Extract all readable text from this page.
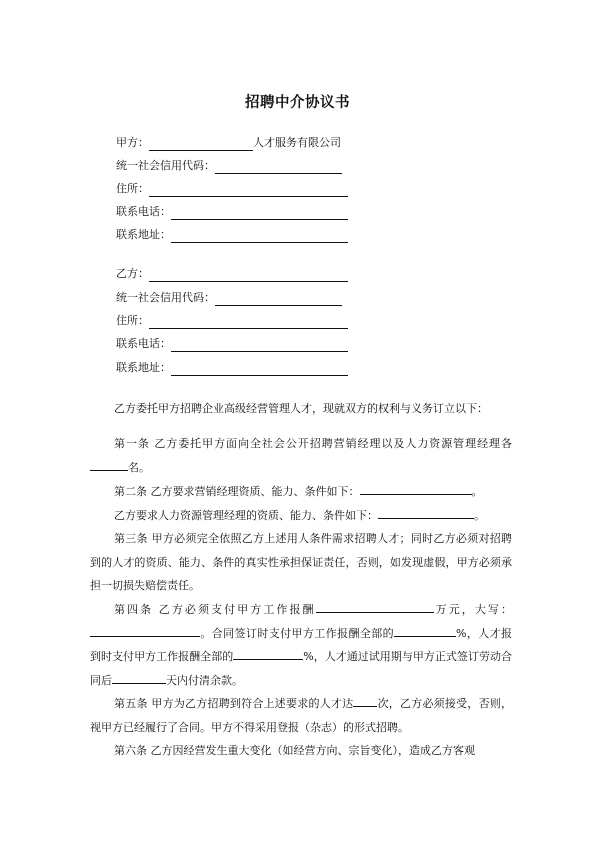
招聘中介协议书
甲方：	人才服务有限公司
统一社会信用代码：
住所：
联系电话：
联系地址：
乙方：
统一社会信用代码：
住所：
联系电话：
联系地址：
乙方委托甲方招聘企业高级经营管理人才，现就双方的权利与义务订立以下：
第一条 乙方委托甲方面向全社会公开招聘营销经理以及人力资源管理经理各名。
第二条 乙方要求营销经理资质、能力、条件如下：	。
乙方要求人力资源管理经理的资质、能力、条件如下：	。
第三条 甲方必须完全依照乙方上述用人条件需求招聘人才；同时乙方必须对招聘到的人才的资质、能力、条件的真实性承担保证责任，否则，如发现虚假，甲方必须承担一切损失赔偿责任。
第四条 乙方必须支付甲方工作报酬	万元，大写：。合同签订时支付甲方工作报酬全部的	%，人才报到时支付甲方工作报酬全部的	%，人才通过试用期与甲方正式签订劳动合同后	天内付清余款。
第五条 甲方为乙方招聘到符合上述要求的人才达 次，乙方必须接受，否则，视甲方已经履行了合同。甲方不得采用登报（杂志）的形式招聘。
第六条 乙方因经营发生重大变化（如经营方向、宗旨变化），造成乙方客观
